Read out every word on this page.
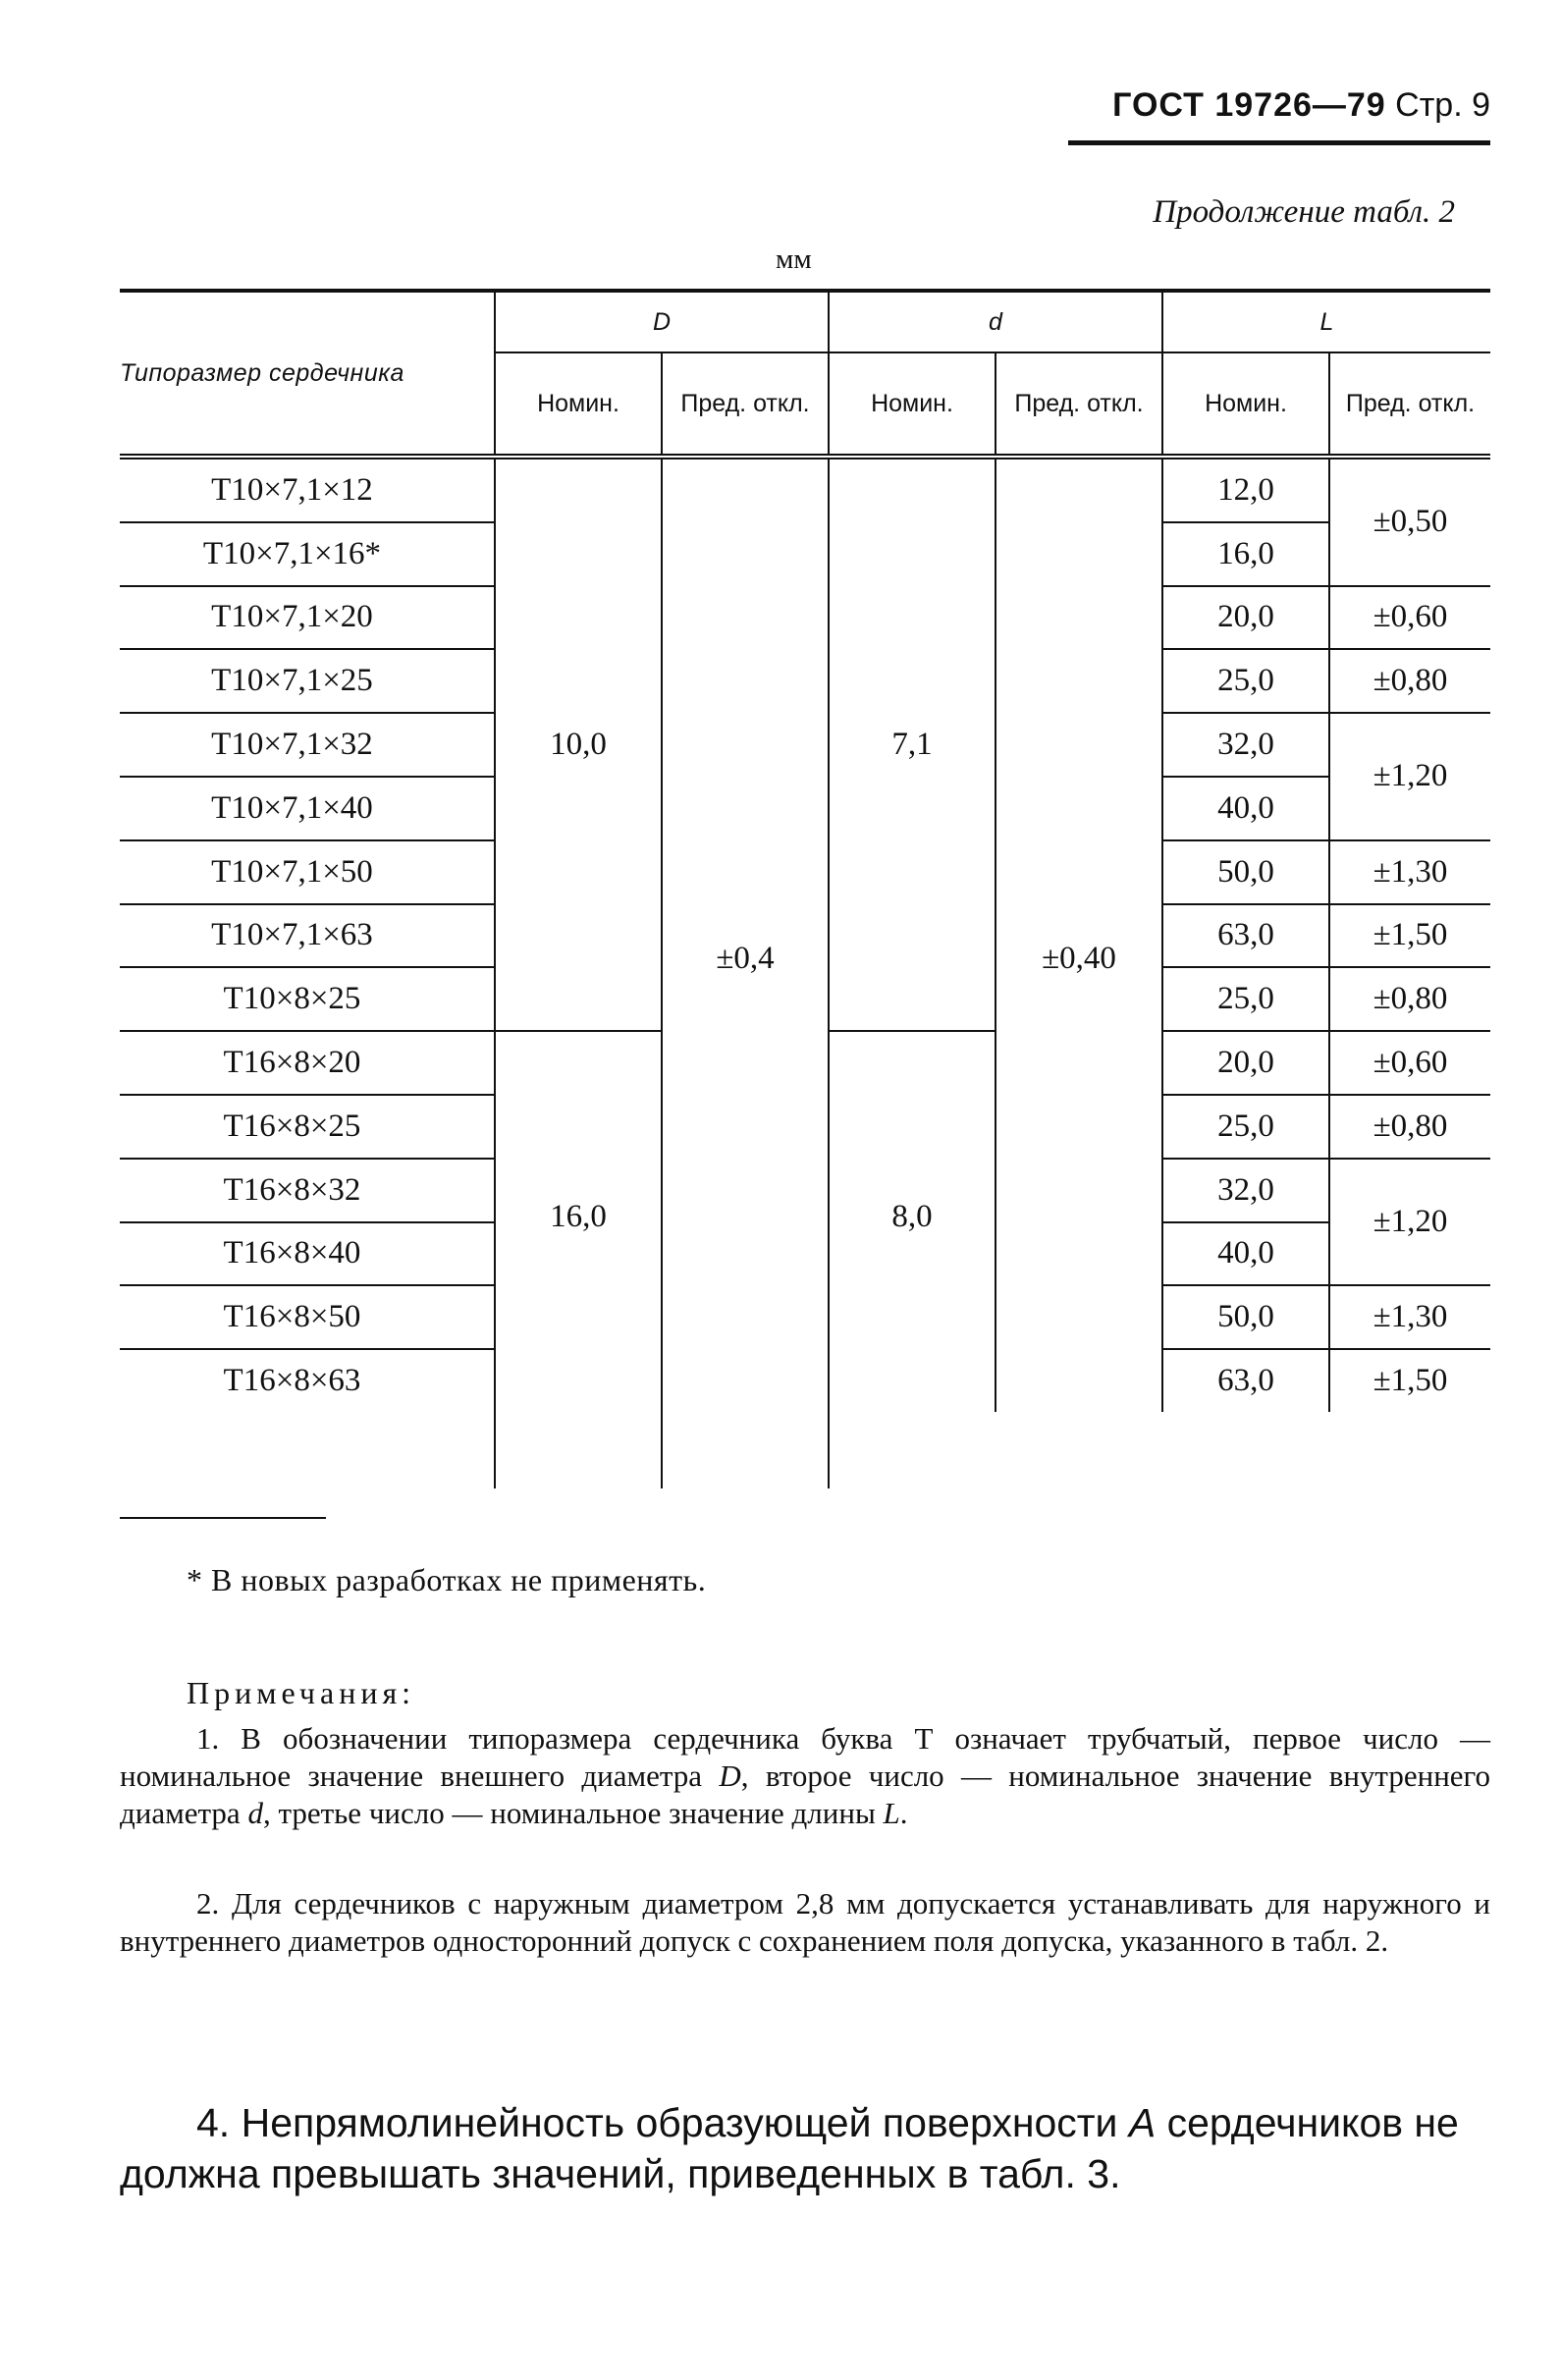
ГОСТ 19726—79 Стр. 9
Продолжение табл. 2
мм
Типоразмер сердечника	D		d		L	
	Номин.	Пред. откл.	Номин.	Пред. откл.	Номин.	Пред. откл.
T10×7,1×12	10,0	±0,4	7,1	±0,40	12,0	±0,50
T10×7,1×16*					16,0	
T10×7,1×20					20,0	±0,60
T10×7,1×25					25,0	±0,80
T10×7,1×32					32,0	±1,20
T10×7,1×40					40,0	
T10×7,1×50					50,0	±1,30
T10×7,1×63					63,0	±1,50
T10×8×25					25,0	±0,80
T16×8×20	16,0		8,0		20,0	±0,60
T16×8×25					25,0	±0,80
T16×8×32					32,0	±1,20
T16×8×40					40,0	
T16×8×50					50,0	±1,30
T16×8×63					63,0	±1,50

* В новых разработках не применять.
Примечания:
1. В обозначении типоразмера сердечника буква Т означает трубчатый, первое число — номинальное значение внешнего диаметра D, второе число — номинальное значение внутреннего диаметра d, третье число — номинальное значение длины L.
2. Для сердечников с наружным диаметром 2,8 мм допускается устанавливать для наружного и внутреннего диаметров односторонний допуск с сохранением поля допуска, указанного в табл. 2.
4. Непрямолинейность образующей поверхности А сердечников не должна превышать значений, приведенных в табл. 3.
